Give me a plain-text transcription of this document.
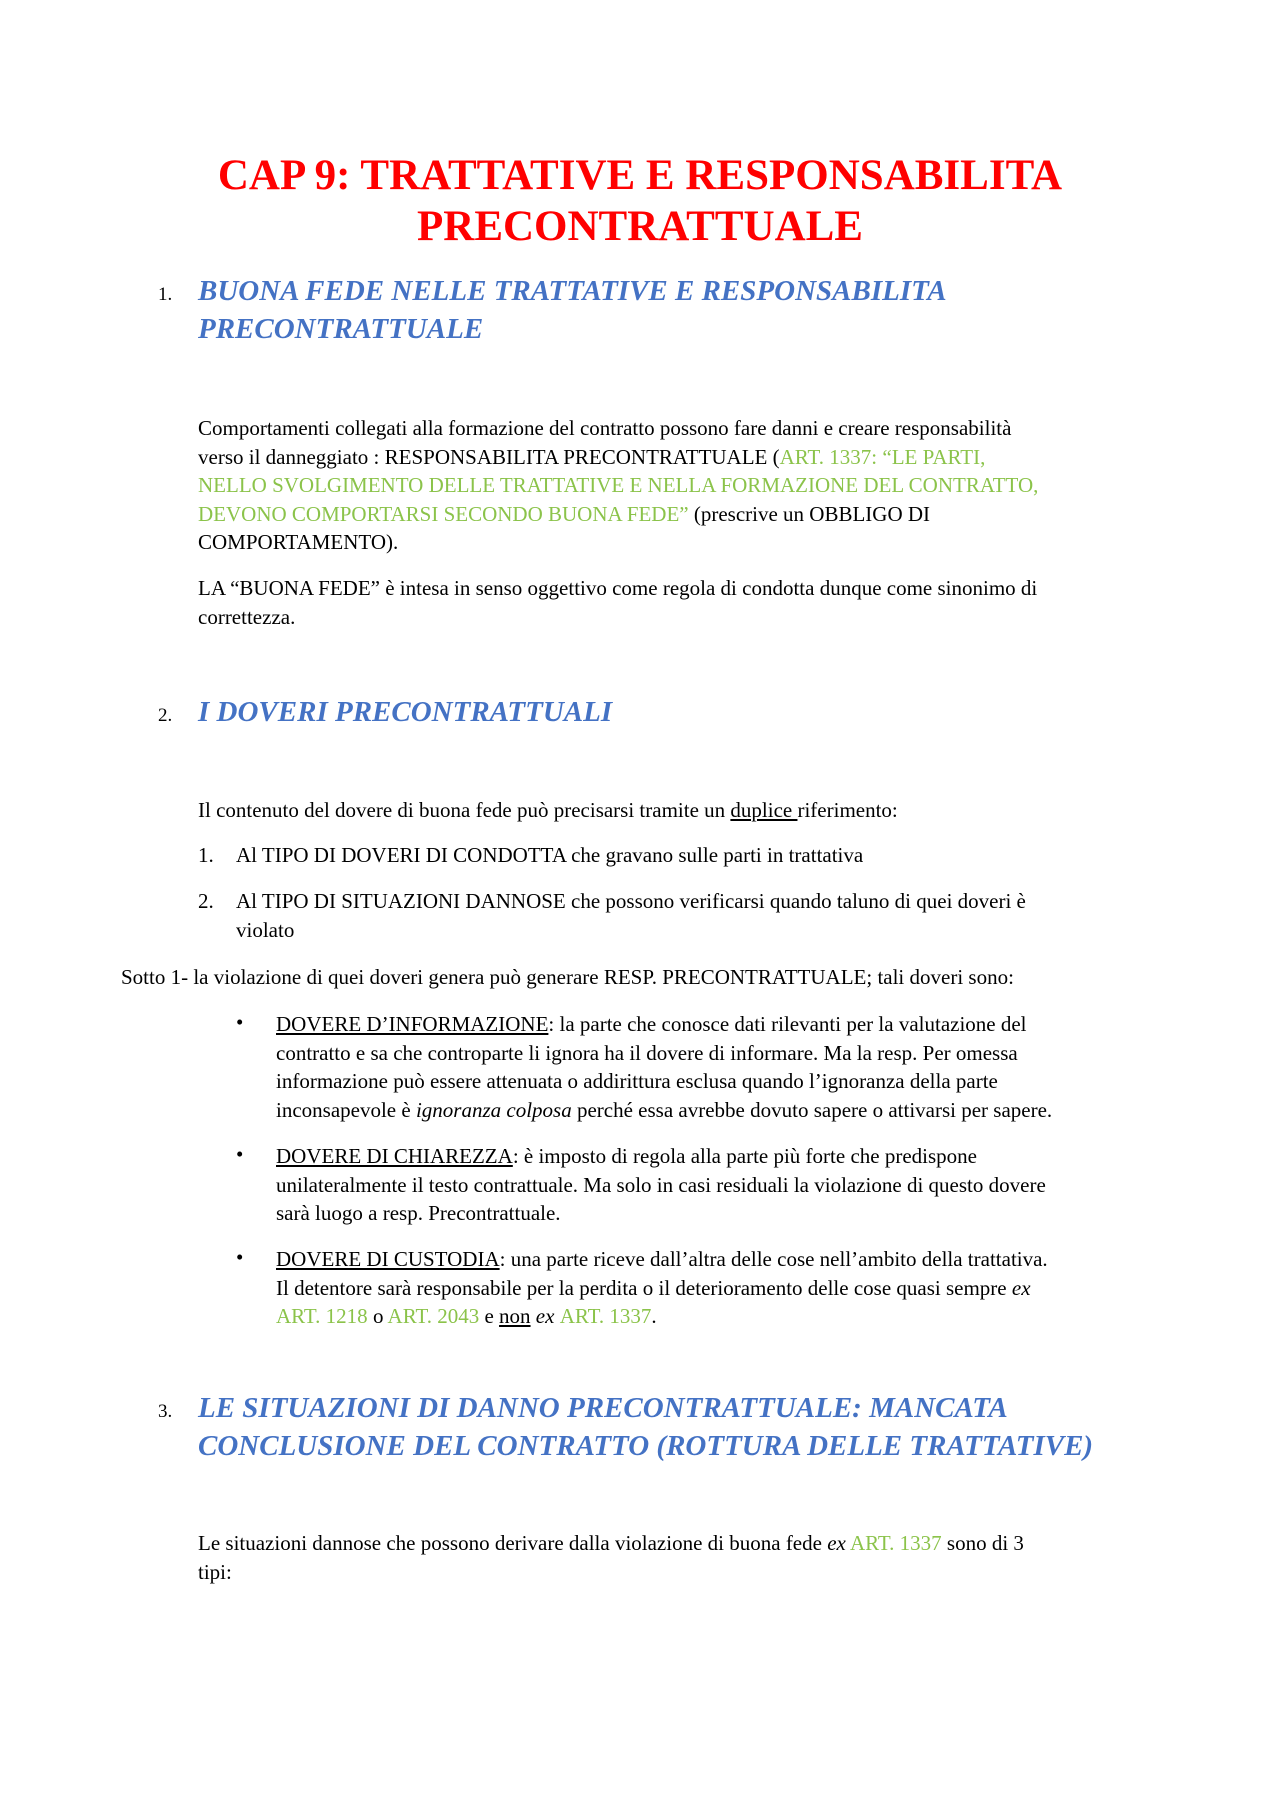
CAP 9: TRATTATIVE E RESPONSABILITA
PRECONTRATTUALE
1. BUONA FEDE NELLE TRATTATIVE E RESPONSABILITA
PRECONTRATTUALE

Comportamenti collegati alla formazione del contratto possono fare danni e creare responsabilità
verso il danneggiato : RESPONSABILITA PRECONTRATTUALE (ART. 1337: “LE PARTI,
NELLO SVOLGIMENTO DELLE TRATTATIVE E NELLA FORMAZIONE DEL CONTRATTO,
DEVONO COMPORTARSI SECONDO BUONA FEDE” (prescrive un OBBLIGO DI
COMPORTAMENTO).

LA “BUONA FEDE” è intesa in senso oggettivo come regola di condotta dunque come sinonimo di
correttezza.

2. I DOVERI PRECONTRATTUALI

Il contenuto del dovere di buona fede può precisarsi tramite un duplice riferimento:

1. Al TIPO DI DOVERI DI CONDOTTA che gravano sulle parti in trattativa

2. Al TIPO DI SITUAZIONI DANNOSE che possono verificarsi quando taluno di quei doveri è
violato

Sotto 1- la violazione di quei doveri genera può generare RESP. PRECONTRATTUALE; tali doveri sono:

• DOVERE D’INFORMAZIONE: la parte che conosce dati rilevanti per la valutazione del
contratto e sa che controparte li ignora ha il dovere di informare. Ma la resp. Per omessa
informazione può essere attenuata o addirittura esclusa quando l’ignoranza della parte
inconsapevole è ignoranza colposa perché essa avrebbe dovuto sapere o attivarsi per sapere.

• DOVERE DI CHIAREZZA: è imposto di regola alla parte più forte che predispone
unilateralmente il testo contrattuale. Ma solo in casi residuali la violazione di questo dovere
sarà luogo a resp. Precontrattuale.

• DOVERE DI CUSTODIA: una parte riceve dall’altra delle cose nell’ambito della trattativa.
Il detentore sarà responsabile per la perdita o il deterioramento delle cose quasi sempre ex
ART. 1218 o ART. 2043 e non ex ART. 1337.

3. LE SITUAZIONI DI DANNO PRECONTRATTUALE: MANCATA
CONCLUSIONE DEL CONTRATTO (ROTTURA DELLE TRATTATIVE)

Le situazioni dannose che possono derivare dalla violazione di buona fede ex ART. 1337 sono di 3
tipi:
